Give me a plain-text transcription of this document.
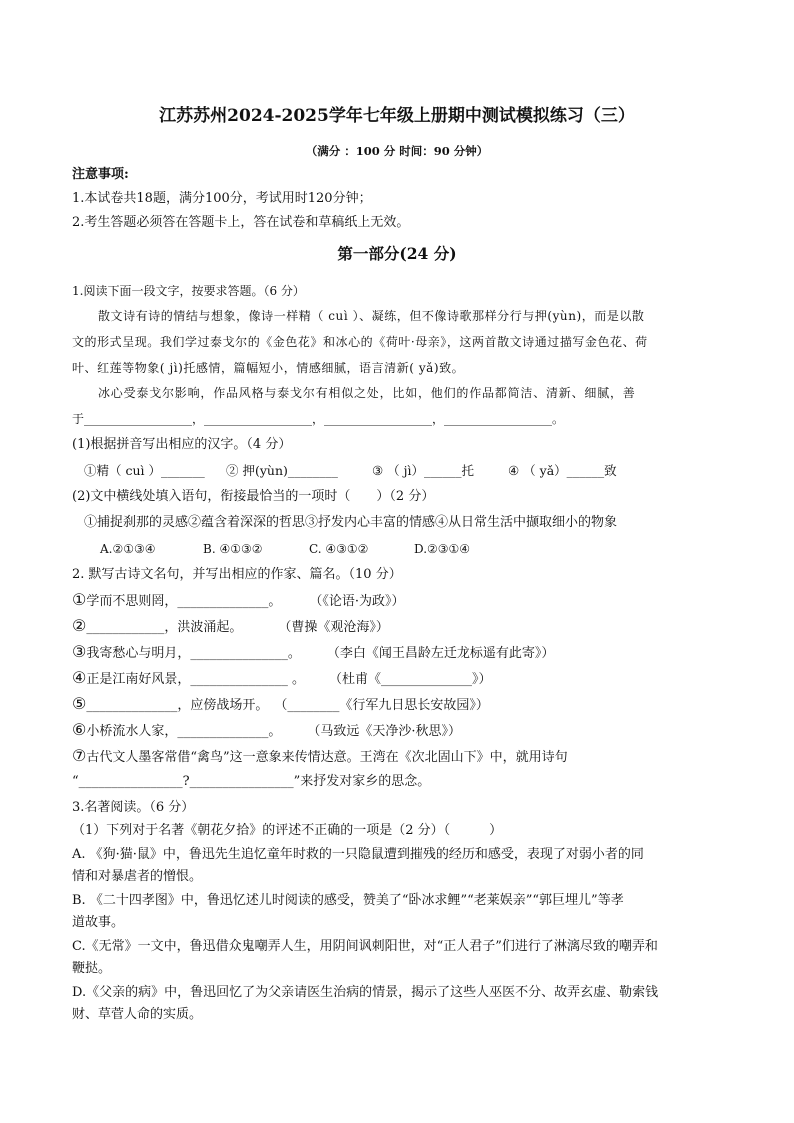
江苏苏州2024-2025学年七年级上册期中测试模拟练习（三）
（满分 ：100 分 时间：90 分钟）
注意事项:
1.本试卷共18题，满分100分，考试用时120分钟；
2.考生答题必须答在答题卡上，答在试卷和草稿纸上无效。
第一部分(24 分)
1.阅读下面一段文字，按要求答题。（6 分）
散文诗有诗的情结与想象，像诗一样精（ cuì ）、凝练，但不像诗歌那样分行与押(yùn)，而是以散
文的形式呈现。我们学过泰戈尔的《金色花》和冰心的《荷叶·母亲》，这两首散文诗通过描写金色花、荷
叶、红莲等物象( jì)托感情，篇幅短小，情感细腻，语言清新( yǎ)致。
冰心受泰戈尔影响，作品风格与泰戈尔有相似之处，比如，他们的作品都简洁、清新、细腻，善
于__________________，__________________，__________________，__________________。
(1)根据拼音写出相应的汉字。（4 分）
①精（ cuì ）_______ ② 押(yùn)________	③ （ jì）______托	④ （ yǎ）______致
(2)文中横线处填入语句，衔接最恰当的一项时（　　）（2 分）
①捕捉刹那的灵感②蕴含着深深的哲思③抒发内心丰富的情感④从日常生活中撷取细小的物象
A.②①③④	B. ④①③②	C. ④③①②	D.②③①④
2. 默写古诗文名句，并写出相应的作家、篇名。（10 分）
① 学而不思则罔，______________。 （《论语·为政》）
② ____________，洪波涌起。	（曹操《观沧海》）
③ 我寄愁心与明月，_______________。 （李白《闻王昌龄左迁龙标遥有此寄》）
④ 正是江南好风景，_______________ 。 （杜甫《______________》）
⑤ ______________，应傍战场开。 （________《行军九日思长安故园》）
⑥ 小桥流水人家，______________。 （马致远《天净沙·秋思》）
⑦ 古代文人墨客常借“禽鸟”这一意象来传情达意。王湾在《次北固山下》中，就用诗句
“________________?________________”来抒发对家乡的思念。
3.名著阅读。（6 分）
（1）下列对于名著《朝花夕拾》的评述不正确的一项是（2 分）（　　　）
A. 《狗·猫·鼠》中，鲁迅先生追忆童年时救的一只隐鼠遭到摧残的经历和感受，表现了对弱小者的同
情和对暴虐者的憎恨。
B. 《二十四孝图》中，鲁迅忆述儿时阅读的感受，赞美了“卧冰求鲤”“老莱娱亲”“郭巨埋儿”等孝
道故事。
C.《无常》一文中，鲁迅借众鬼嘲弄人生，用阴间讽刺阳世，对“正人君子”们进行了淋漓尽致的嘲弄和
鞭挞。
D.《父亲的病》中，鲁迅回忆了为父亲请医生治病的情景，揭示了这些人巫医不分、故弄玄虚、勒索钱
财、草菅人命的实质。
